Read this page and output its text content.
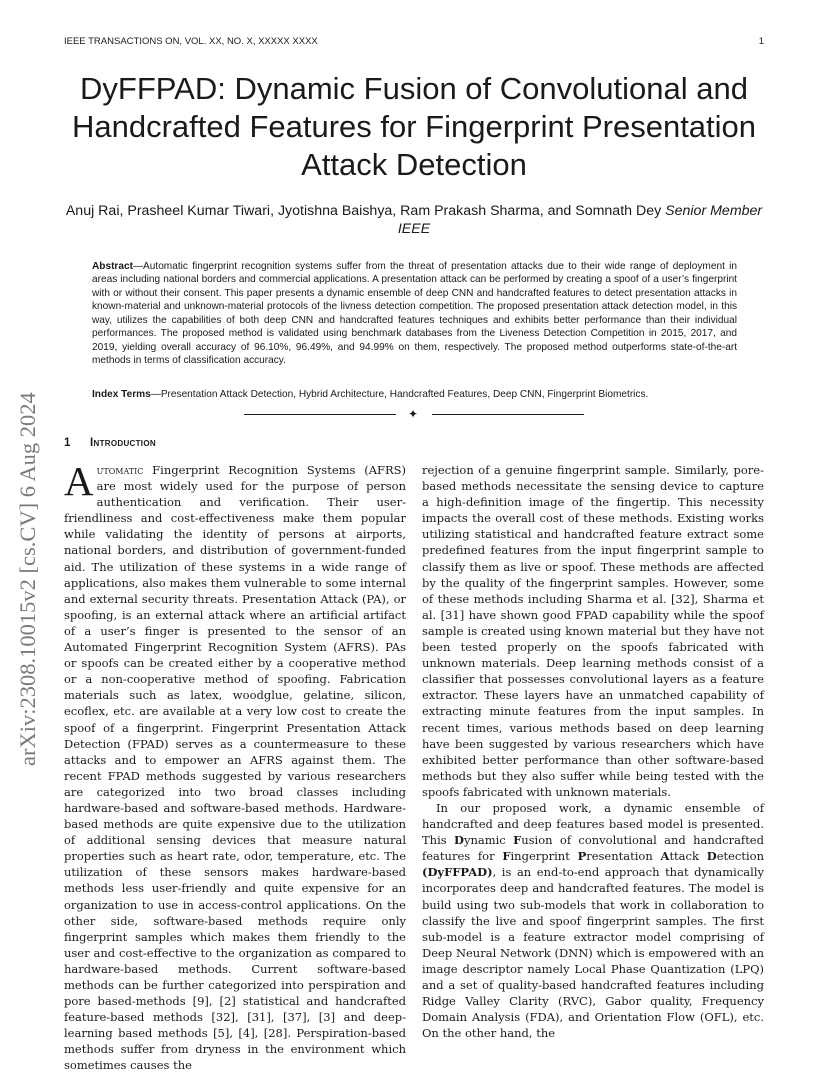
IEEE TRANSACTIONS ON, VOL. XX, NO. X, XXXXX XXXX	1
DyFFPAD: Dynamic Fusion of Convolutional and Handcrafted Features for Fingerprint Presentation Attack Detection
Anuj Rai, Prasheel Kumar Tiwari, Jyotishna Baishya, Ram Prakash Sharma, and Somnath Dey Senior Member IEEE
Abstract—Automatic fingerprint recognition systems suffer from the threat of presentation attacks due to their wide range of deployment in areas including national borders and commercial applications. A presentation attack can be performed by creating a spoof of a user’s fingerprint with or without their consent. This paper presents a dynamic ensemble of deep CNN and handcrafted features to detect presentation attacks in known-material and unknown-material protocols of the livness detection competition. The proposed presentation attack detection model, in this way, utilizes the capabilities of both deep CNN and handcrafted features techniques and exhibits better performance than their individual performances. The proposed method is validated using benchmark databases from the Liveness Detection Competition in 2015, 2017, and 2019, yielding overall accuracy of 96.10%, 96.49%, and 94.99% on them, respectively. The proposed method outperforms state-of-the-art methods in terms of classification accuracy.
Index Terms—Presentation Attack Detection, Hybrid Architecture, Handcrafted Features, Deep CNN, Fingerprint Biometrics.
✦
arXiv:2308.10015v2 [cs.CV] 6 Aug 2024	1 Introduction

Automatic Fingerprint Recognition Systems (AFRS) are most widely used for the purpose of person authentication and verification. Their user-friendliness and cost-effectiveness make them popular while validating the identity of persons at airports, national borders, and distribution of government-funded aid. The utilization of these systems in a wide range of applications, also makes them vulnerable to some internal and external security threats. Presentation Attack (PA), or spoofing, is an external attack where an artificial artifact of a user’s finger is presented to the sensor of an Automated Fingerprint Recognition System (AFRS). PAs or spoofs can be created either by a cooperative method or a non-cooperative method of spoofing. Fabrication materials such as latex, woodglue, gelatine, silicon, ecoflex, etc. are available at a very low cost to create the spoof of a fingerprint. Fingerprint Presentation Attack Detection (FPAD) serves as a countermeasure to these attacks and to empower an AFRS against them. The recent FPAD methods suggested by various researchers are categorized into two broad classes including hardware-based and software-based methods. Hardware-based methods are quite expensive due to the utilization of additional sensing devices that measure natural properties such as heart rate, odor, temperature, etc. The utilization of these sensors makes hardware-based methods less user-friendly and quite expensive for an organization to use in access-control applications. On the other side, software-based methods require only fingerprint samples which makes them friendly to the user and cost-effective to the organization as compared to hardware-based methods. Current software-based methods can be further categorized into perspiration and pore based-methods [9], [2] statistical and handcrafted feature-based methods [32], [31], [37], [3] and deep-learning based methods [5], [4], [28]. Perspiration-based methods suffer from dryness in the environment which sometimes causes the

rejection of a genuine fingerprint sample. Similarly, pore-based methods necessitate the sensing device to capture a high-definition image of the fingertip. This necessity impacts the overall cost of these methods. Existing works utilizing statistical and handcrafted feature extract some predefined features from the input fingerprint sample to classify them as live or spoof. These methods are affected by the quality of the fingerprint samples. However, some of these methods including Sharma et al. [32], Sharma et al. [31] have shown good FPAD capability while the spoof sample is created using known material but they have not been tested properly on the spoofs fabricated with unknown materials. Deep learning methods consist of a classifier that possesses convolutional layers as a feature extractor. These layers have an unmatched capability of extracting minute features from the input samples. In recent times, various methods based on deep learning have been suggested by various researchers which have exhibited better performance than other software-based methods but they also suffer while being tested with the spoofs fabricated with unknown materials.

In our proposed work, a dynamic ensemble of handcrafted and deep features based model is presented. This Dynamic Fusion of convolutional and handcrafted features for Fingerprint Presentation Attack Detection (DyFFPAD), is an end-to-end approach that dynamically incorporates deep and handcrafted features. The model is build using two sub-models that work in collaboration to classify the live and spoof fingerprint samples. The first sub-model is a feature extractor model comprising of Deep Neural Network (DNN) which is empowered with an image descriptor namely Local Phase Quantization (LPQ) and a set of quality-based handcrafted features including Ridge Valley Clarity (RVC), Gabor quality, Frequency Domain Analysis (FDA), and Orientation Flow (OFL), etc. On the other hand, the
